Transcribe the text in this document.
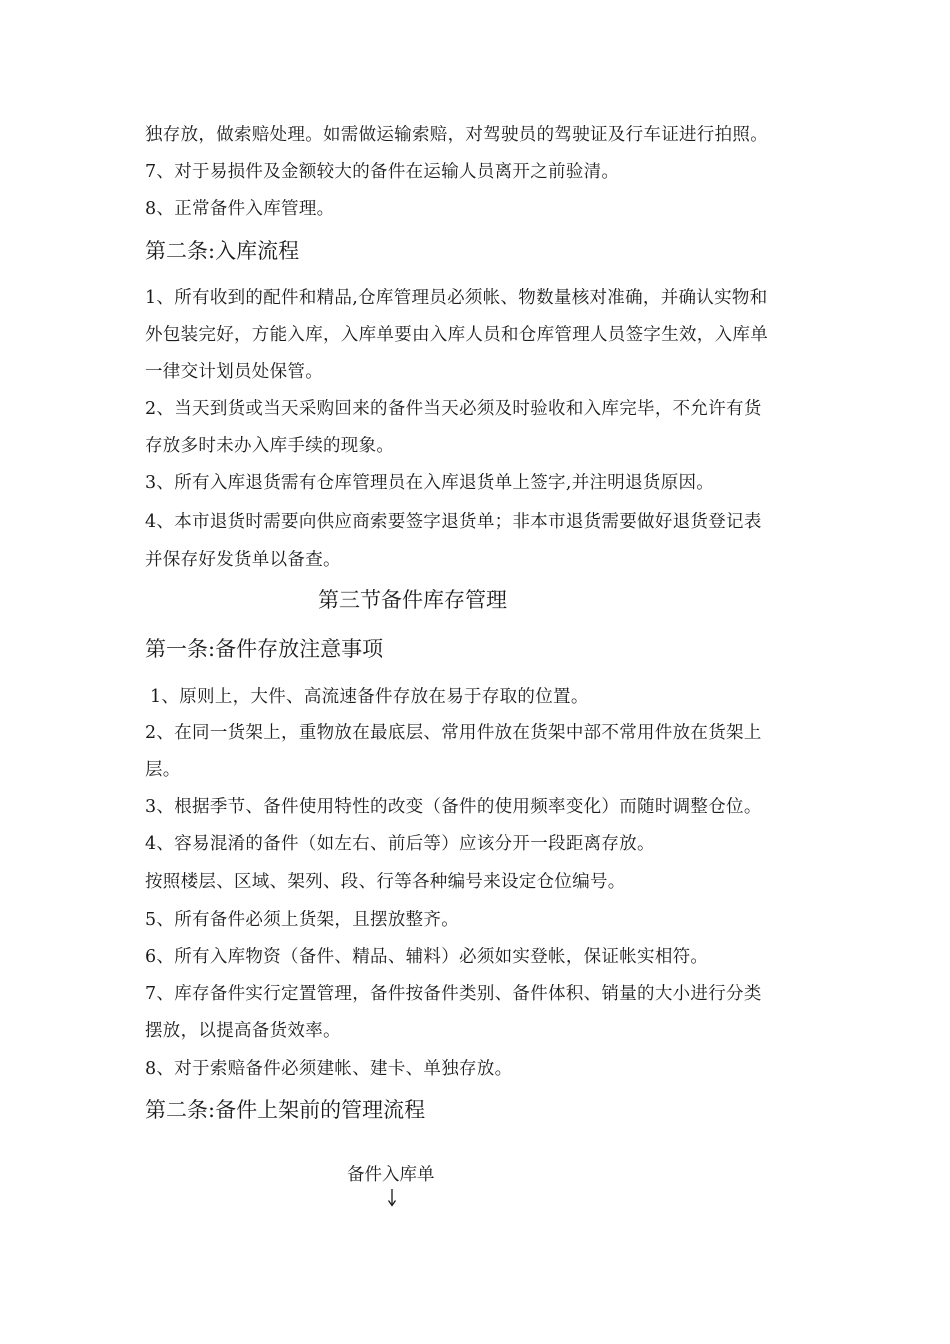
独存放，做索赔处理。如需做运输索赔，对驾驶员的驾驶证及行车证进行拍照。
7、对于易损件及金额较大的备件在运输人员离开之前验清。
8、正常备件入库管理。
第二条:入库流程
1、所有收到的配件和精品,仓库管理员必须帐、物数量核对准确，并确认实物和
外包装完好，方能入库，入库单要由入库人员和仓库管理人员签字生效，入库单
一律交计划员处保管。
2、当天到货或当天采购回来的备件当天必须及时验收和入库完毕，不允许有货
存放多时未办入库手续的现象。
3、所有入库退货需有仓库管理员在入库退货单上签字,并注明退货原因。
4、本市退货时需要向供应商索要签字退货单；非本市退货需要做好退货登记表
并保存好发货单以备查。
第三节备件库存管理
第一条:备件存放注意事项
1、原则上，大件、高流速备件存放在易于存取的位置。
2、在同一货架上，重物放在最底层、常用件放在货架中部不常用件放在货架上
层。
3、根据季节、备件使用特性的改变（备件的使用频率变化）而随时调整仓位。
4、容易混淆的备件（如左右、前后等）应该分开一段距离存放。
按照楼层、区域、架列、段、行等各种编号来设定仓位编号。
5、所有备件必须上货架，且摆放整齐。
6、所有入库物资（备件、精品、辅料）必须如实登帐，保证帐实相符。
7、库存备件实行定置管理，备件按备件类别、备件体积、销量的大小进行分类
摆放，以提高备货效率。
8、对于索赔备件必须建帐、建卡、单独存放。
第二条:备件上架前的管理流程
备件入库单
